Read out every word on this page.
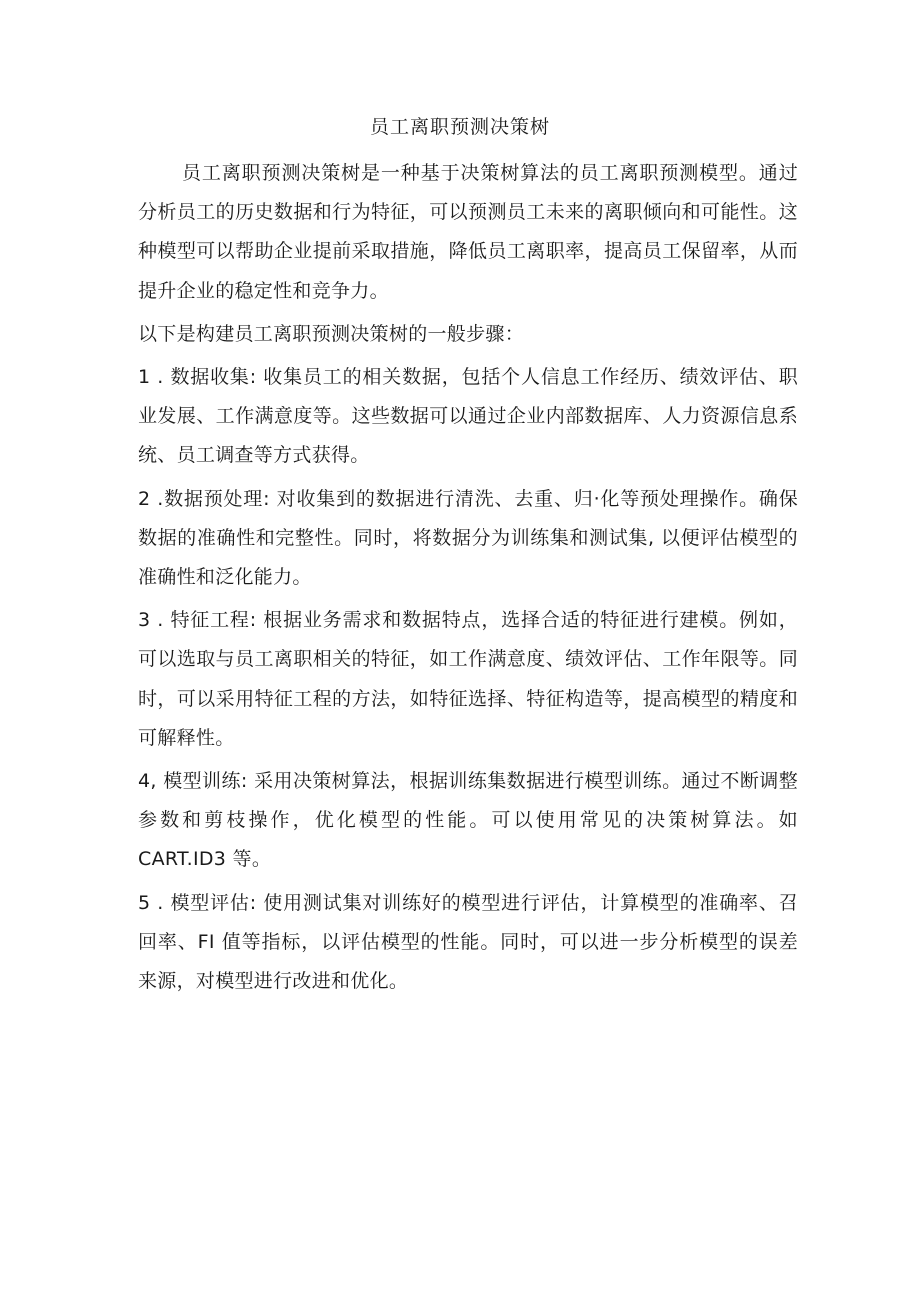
员工离职预测决策树

员工离职预测决策树是一种基于决策树算法的员工离职预测模型。通过分析员工的历史数据和行为特征，可以预测员工未来的离职倾向和可能性。这种模型可以帮助企业提前采取措施，降低员工离职率，提高员工保留率，从而提升企业的稳定性和竞争力。

以下是构建员工离职预测决策树的一般步骤：

1 . 数据收集: 收集员工的相关数据，包括个人信息工作经历、绩效评估、职业发展、工作满意度等。这些数据可以通过企业内部数据库、人力资源信息系统、员工调查等方式获得。

2 .数据预处理: 对收集到的数据进行清洗、去重、归·化等预处理操作。确保数据的准确性和完整性。同时，将数据分为训练集和测试集, 以便评估模型的准确性和泛化能力。

3 . 特征工程: 根据业务需求和数据特点，选择合适的特征进行建模。例如，可以选取与员工离职相关的特征，如工作满意度、绩效评估、工作年限等。同时，可以采用特征工程的方法，如特征选择、特征构造等，提高模型的精度和可解释性。

4, 模型训练: 采用决策树算法，根据训练集数据进行模型训练。通过不断调整参数和剪枝操作，优化模型的性能。可以使用常见的决策树算法。如CART.ID3 等。

5 . 模型评估: 使用测试集对训练好的模型进行评估，计算模型的准确率、召回率、FI 值等指标，以评估模型的性能。同时，可以进一步分析模型的误差来源，对模型进行改进和优化。
